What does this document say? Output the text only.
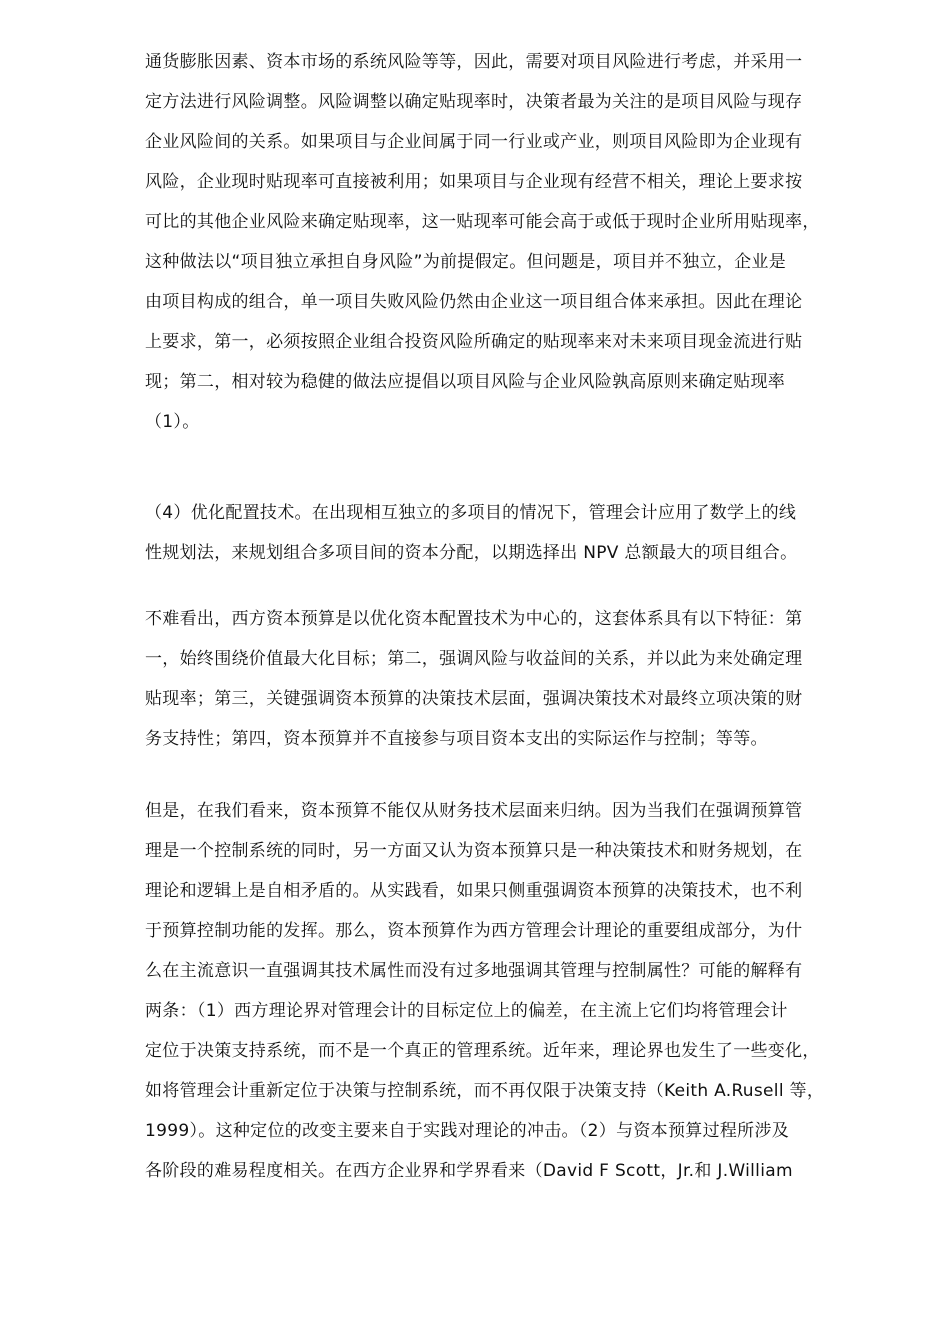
通货膨胀因素、资本市场的系统风险等等，因此，需要对项目风险进行考虑，并采用一
定方法进行风险调整。风险调整以确定贴现率时，决策者最为关注的是项目风险与现存
企业风险间的关系。如果项目与企业间属于同一行业或产业，则项目风险即为企业现有
风险，企业现时贴现率可直接被利用；如果项目与企业现有经营不相关，理论上要求按
可比的其他企业风险来确定贴现率，这一贴现率可能会高于或低于现时企业所用贴现率，
这种做法以“项目独立承担自身风险”为前提假定。但问题是，项目并不独立，企业是
由项目构成的组合，单一项目失败风险仍然由企业这一项目组合体来承担。因此在理论
上要求，第一，必须按照企业组合投资风险所确定的贴现率来对未来项目现金流进行贴
现；第二，相对较为稳健的做法应提倡以项目风险与企业风险孰高原则来确定贴现率
（1）。
（4）优化配置技术。在出现相互独立的多项目的情况下，管理会计应用了数学上的线
性规划法，来规划组合多项目间的资本分配，以期选择出 NPV 总额最大的项目组合。
不难看出，西方资本预算是以优化资本配置技术为中心的，这套体系具有以下特征：第
一，始终围绕价值最大化目标；第二，强调风险与收益间的关系，并以此为来处确定理
贴现率；第三，关键强调资本预算的决策技术层面，强调决策技术对最终立项决策的财
务支持性；第四，资本预算并不直接参与项目资本支出的实际运作与控制；等等。
但是，在我们看来，资本预算不能仅从财务技术层面来归纳。因为当我们在强调预算管
理是一个控制系统的同时，另一方面又认为资本预算只是一种决策技术和财务规划，在
理论和逻辑上是自相矛盾的。从实践看，如果只侧重强调资本预算的决策技术，也不利
于预算控制功能的发挥。那么，资本预算作为西方管理会计理论的重要组成部分，为什
么在主流意识一直强调其技术属性而没有过多地强调其管理与控制属性？可能的解释有
两条：（1）西方理论界对管理会计的目标定位上的偏差，在主流上它们均将管理会计
定位于决策支持系统，而不是一个真正的管理系统。近年来，理论界也发生了一些变化，
如将管理会计重新定位于决策与控制系统，而不再仅限于决策支持（Keith A.Rusell 等，
1999）。这种定位的改变主要来自于实践对理论的冲击。（2）与资本预算过程所涉及
各阶段的难易程度相关。在西方企业界和学界看来（David F Scott，Jr.和 J.William
